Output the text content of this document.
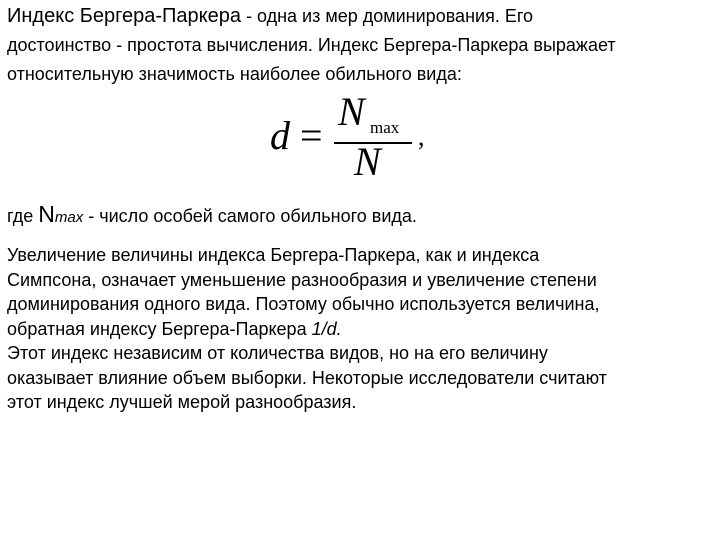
Индекс Бергера-Паркера - одна из мер доминирования. Его
достоинство - простота вычисления. Индекс Бергера-Паркера выражает
относительную значимость наиболее обильного вида:

d =
N max
N
,

где Nmax - число особей самого обильного вида.

Увеличение величины индекса Бергера-Паркера, как и индекса
Симпсона, означает уменьшение разнообразия и увеличение степени
доминирования одного вида. Поэтому обычно используется величина,
обратная индексу Бергера-Паркера 1/d.
Этот индекс независим от количества видов, но на его величину
оказывает влияние объем выборки. Некоторые исследователи считают
этот индекс лучшей мерой разнообразия.
